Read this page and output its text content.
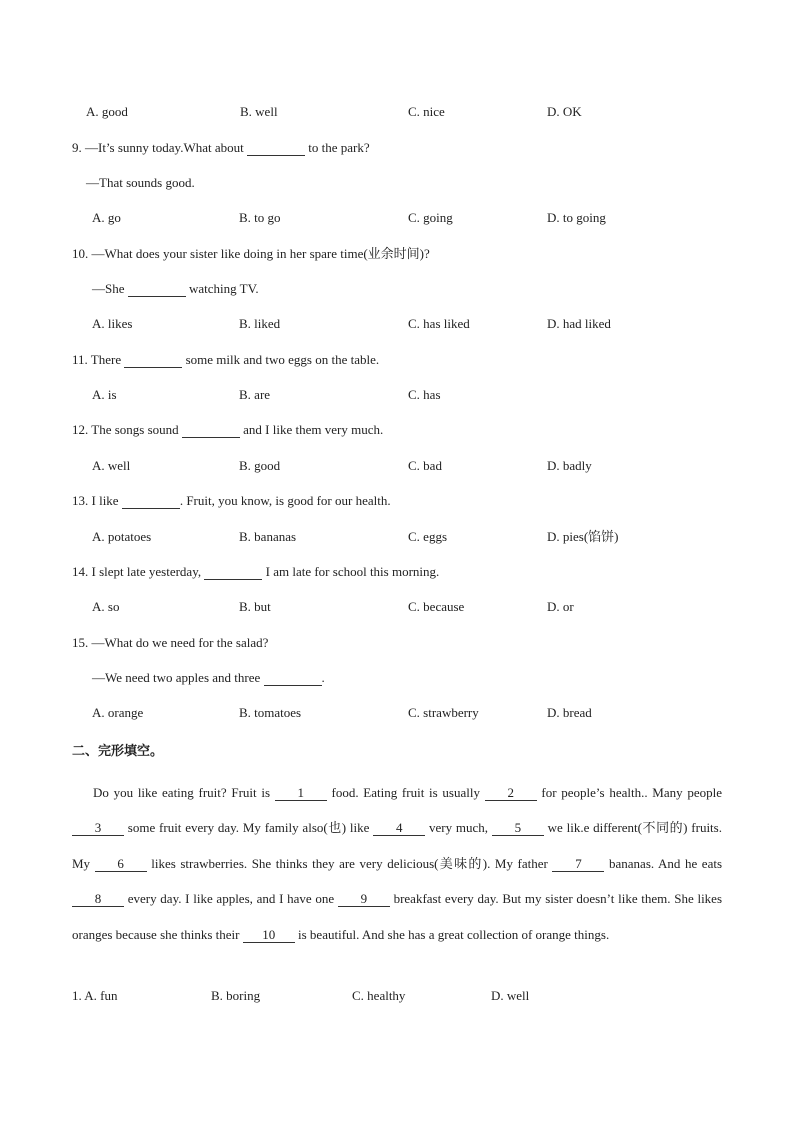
A. good	B. well	C. nice	D. OK
9. —It’s sunny today.What about	to the park?
—That sounds good.
A. go	B. to go	C. going	D. to going
10. —What does your sister like doing in her spare time(业余时间)?
—She	watching TV.
A. likes	B. liked	C. has liked	D. had liked
11. There	some milk and two eggs on the table.
A. is	B. are	C. has
12. The songs sound	and I like them very much.
A. well	B. good	C. bad	D. badly
13. I like	. Fruit, you know, is good for our health.
A. potatoes	B. bananas	C. eggs	D. pies(馅饼)
14. I slept late yesterday,	I am late for school this morning.
A. so	B. but	C. because	D. or
15. —What do we need for the salad?
—We need two apples and three	.
A. orange	B. tomatoes	C. strawberry	D. bread
二、完形填空。

Do you like eating fruit? Fruit is 1 food. Eating fruit is usually 2 for people’s health.. Many people 3 some fruit every day. My family also(也) like 4 very much, 5 we lik.e different(不同的) fruits. My 6 likes strawberries. She thinks they are very delicious(美味的). My father 7 bananas. And he eats 8 every day. I like apples, and I have one 9 breakfast every day. But my sister doesn’t like them. She likes oranges because she thinks their 10 is beautiful. And she has a great collection of orange things.

1. A. fun	B. boring	C. healthy	D. well
